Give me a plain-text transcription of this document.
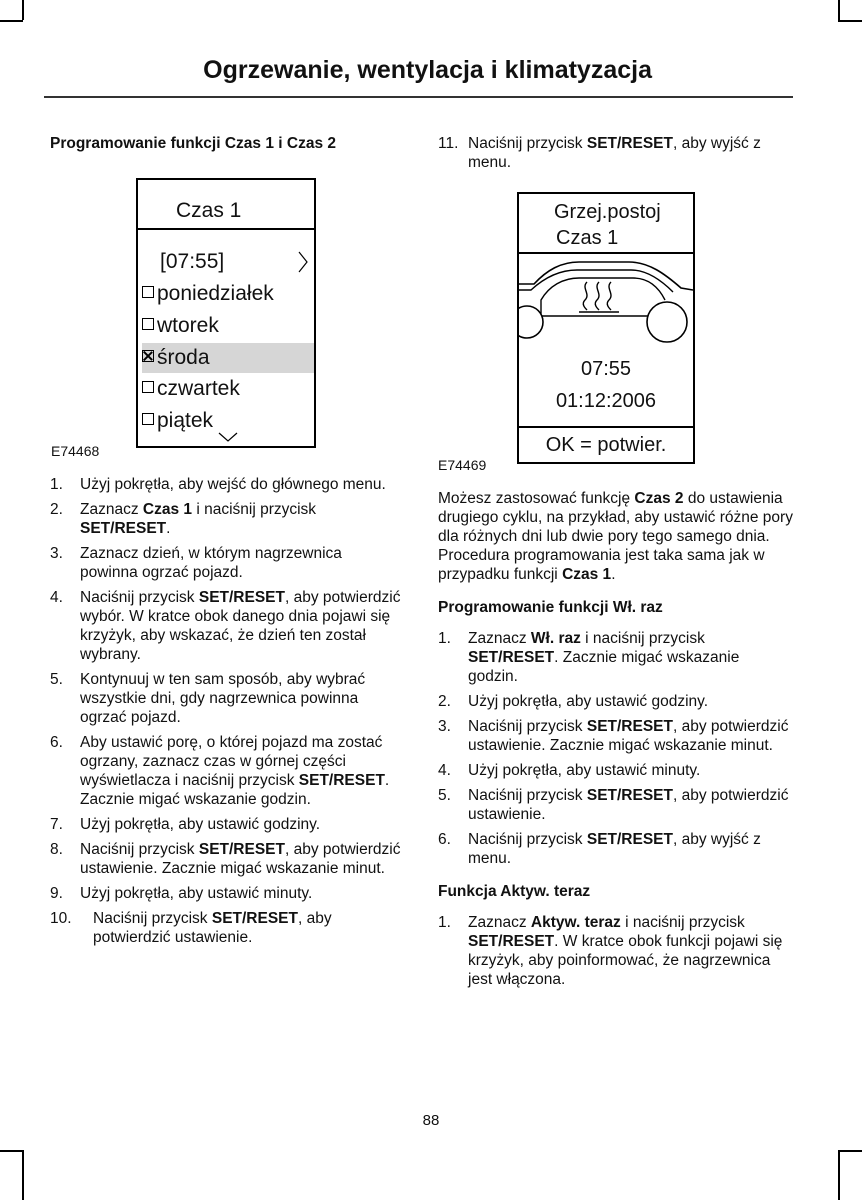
Ogrzewanie, wentylacja i klimatyzacja

Programowanie funkcji Czas 1 i Czas 2

Czas 1
[07:55]
poniedziałek
wtorek
środa
czwartek
piątek
E74468
1. Użyj pokrętła, aby wejść do głównego menu.
2. Zaznacz Czas 1 i naciśnij przycisk SET/RESET.
3. Zaznacz dzień, w którym nagrzewnica powinna ogrzać pojazd.
4. Naciśnij przycisk SET/RESET, aby potwierdzić wybór. W kratce obok danego dnia pojawi się krzyżyk, aby wskazać, że dzień ten został wybrany.
5. Kontynuuj w ten sam sposób, aby wybrać wszystkie dni, gdy nagrzewnica powinna ogrzać pojazd.
6. Aby ustawić porę, o której pojazd ma zostać ogrzany, zaznacz czas w górnej części wyświetlacza i naciśnij przycisk SET/RESET. Zacznie migać wskazanie godzin.
7. Użyj pokrętła, aby ustawić godziny.
8. Naciśnij przycisk SET/RESET, aby potwierdzić ustawienie. Zacznie migać wskazanie minut.
9. Użyj pokrętła, aby ustawić minuty.
10. Naciśnij przycisk SET/RESET, aby potwierdzić ustawienie.
11. Naciśnij przycisk SET/RESET, aby wyjść z menu.
Grzej.postoj
Czas 1
07:55
01:12:2006
OK = potwier.
E74469

Możesz zastosować funkcję Czas 2 do ustawienia drugiego cyklu, na przykład, aby ustawić różne pory dla różnych dni lub dwie pory tego samego dnia. Procedura programowania jest taka sama jak w przypadku funkcji Czas 1.

Programowanie funkcji Wł. raz

1. Zaznacz Wł. raz i naciśnij przycisk SET/RESET. Zacznie migać wskazanie godzin.
2. Użyj pokrętła, aby ustawić godziny.
3. Naciśnij przycisk SET/RESET, aby potwierdzić ustawienie. Zacznie migać wskazanie minut.
4. Użyj pokrętła, aby ustawić minuty.
5. Naciśnij przycisk SET/RESET, aby potwierdzić ustawienie.
6. Naciśnij przycisk SET/RESET, aby wyjść z menu.

Funkcja Aktyw. teraz

1. Zaznacz Aktyw. teraz i naciśnij przycisk SET/RESET. W kratce obok funkcji pojawi się krzyżyk, aby poinformować, że nagrzewnica jest włączona.
88
